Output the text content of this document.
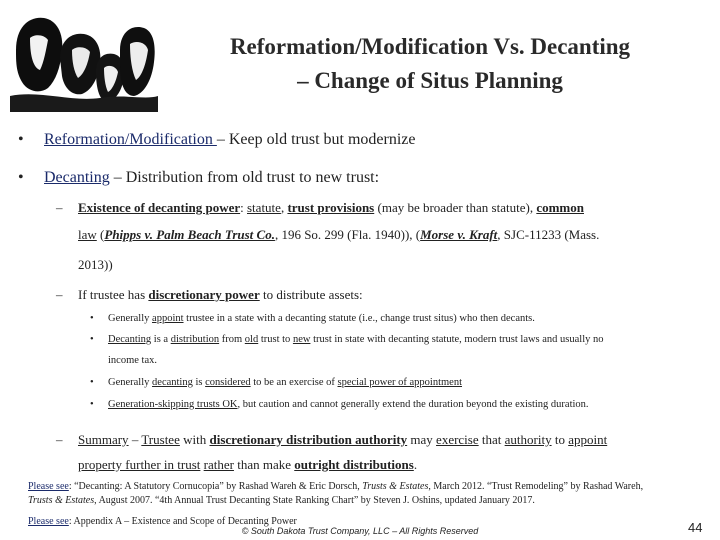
Reformation/Modification Vs. Decanting
– Change of Situs Planning
• Reformation/Modification – Keep old trust but modernize
• Decanting – Distribution from old trust to new trust:
– Existence of decanting power: statute, trust provisions (may be broader than statute), common
law (Phipps v. Palm Beach Trust Co., 196 So. 299 (Fla. 1940)), (Morse v. Kraft, SJC-11233 (Mass.
2013))
– If trustee has discretionary power to distribute assets:
• Generally appoint trustee in a state with a decanting statute (i.e., change trust situs) who then decants.
• Decanting is a distribution from old trust to new trust in state with decanting statute, modern trust laws and usually no
income tax.
• Generally decanting is considered to be an exercise of special power of appointment
• Generation-skipping trusts OK, but caution and cannot generally extend the duration beyond the existing duration.
– Summary – Trustee with discretionary distribution authority may exercise that authority to appoint
property further in trust rather than make outright distributions.
Please see: “Decanting: A Statutory Cornucopia” by Rashad Wareh & Eric Dorsch, Trusts & Estates, March 2012. “Trust Remodeling” by Rashad Wareh,
Trusts & Estates, August 2007. “4th Annual Trust Decanting State Ranking Chart” by Steven J. Oshins, updated January 2017.
Please see: Appendix A – Existence and Scope of Decanting Power
© South Dakota Trust Company, LLC – All Rights Reserved	44
